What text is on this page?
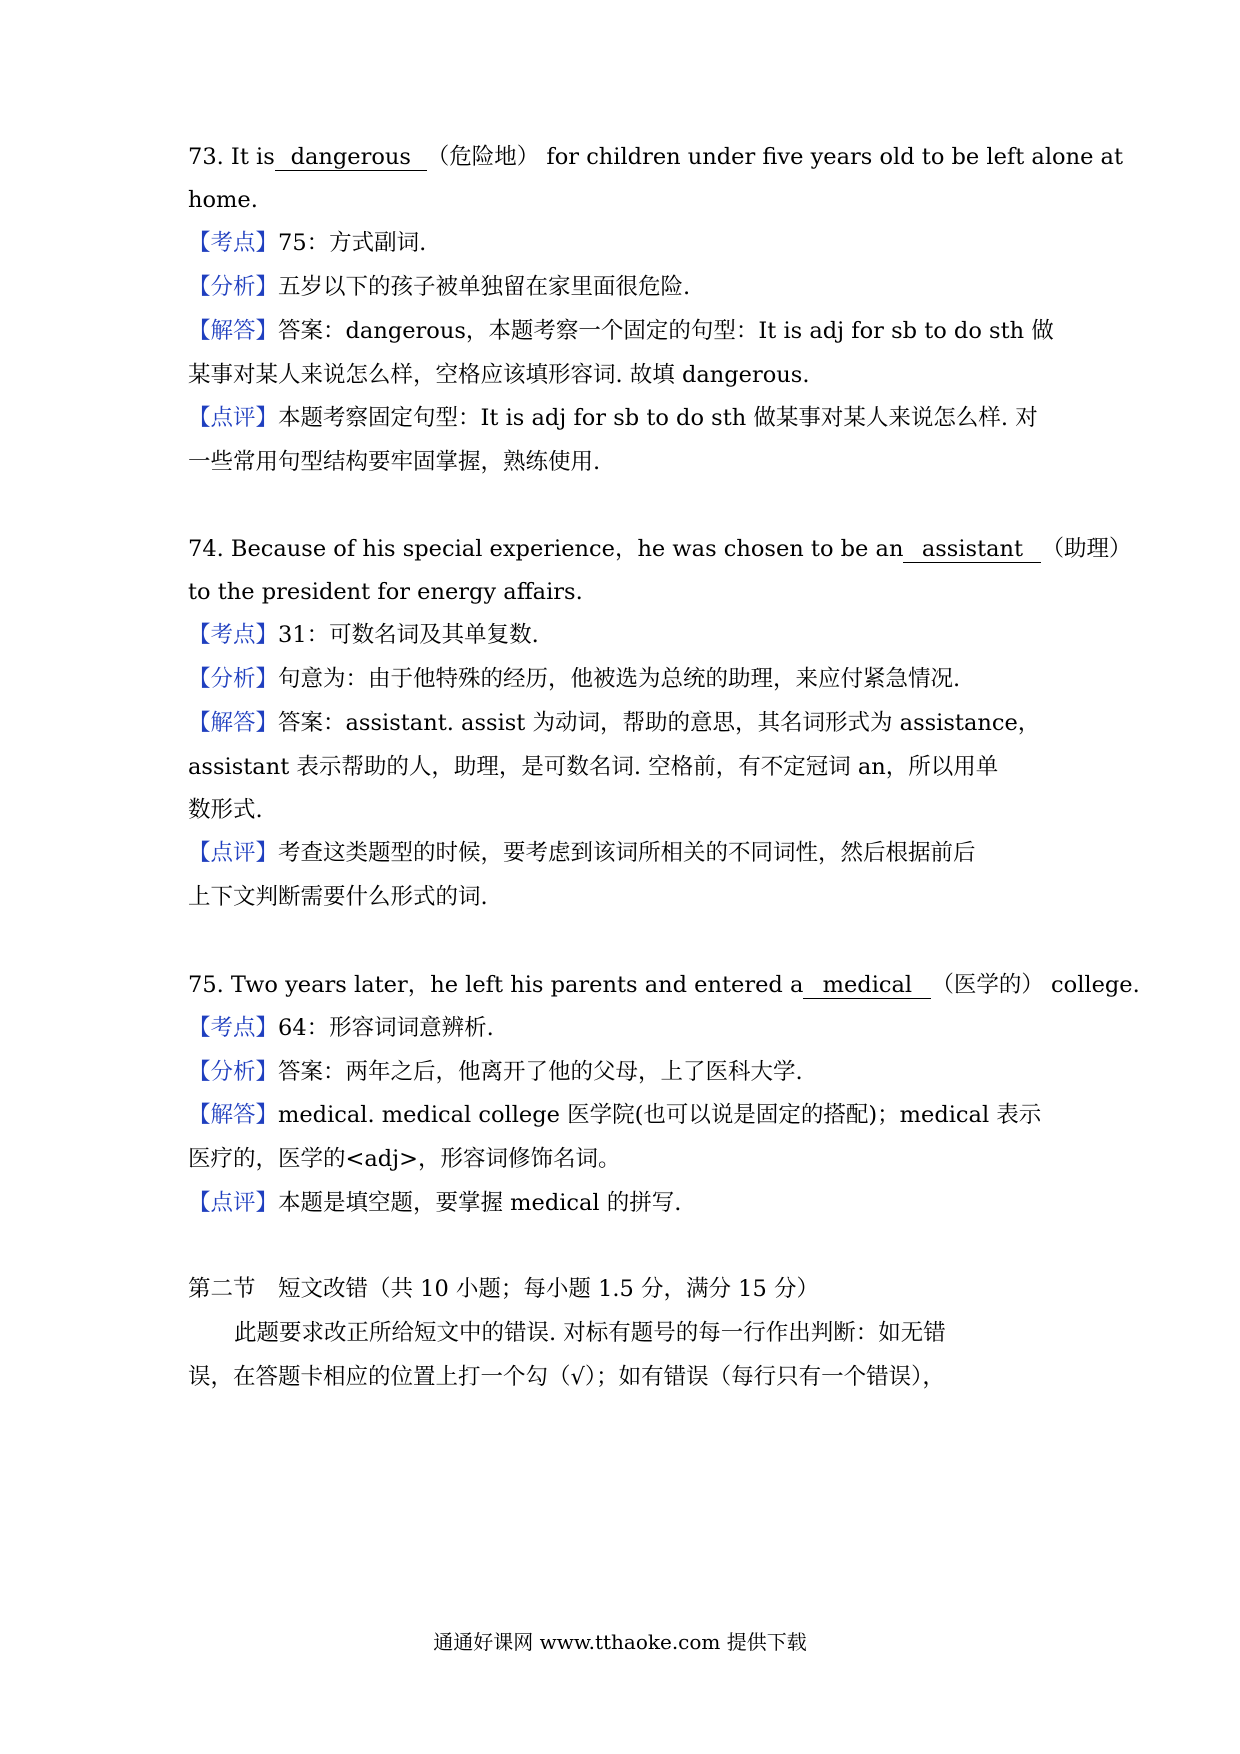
73. It is dangerous （危险地） for children under five years old to be left alone at
home.
【考点】75：方式副词.
【分析】五岁以下的孩子被单独留在家里面很危险.
【解答】答案：dangerous，本题考察一个固定的句型：It is adj for sb to do sth 做
某事对某人来说怎么样，空格应该填形容词. 故填 dangerous.
【点评】本题考察固定句型：It is adj for sb to do sth 做某事对某人来说怎么样. 对
一些常用句型结构要牢固掌握，熟练使用.
74. Because of his special experience，he was chosen to be an assistant （助理）
to the president for energy affairs.
【考点】31：可数名词及其单复数.
【分析】句意为：由于他特殊的经历，他被选为总统的助理，来应付紧急情况.
【解答】答案：assistant. assist 为动词，帮助的意思，其名词形式为 assistance，
assistant 表示帮助的人，助理，是可数名词. 空格前，有不定冠词 an，所以用单
数形式.
【点评】考查这类题型的时候，要考虑到该词所相关的不同词性，然后根据前后
上下文判断需要什么形式的词.
75. Two years later，he left his parents and entered a medical （医学的） college.
【考点】64：形容词词意辨析.
【分析】答案：两年之后，他离开了他的父母，上了医科大学.
【解答】medical. medical college 医学院(也可以说是固定的搭配)；medical 表示
医疗的，医学的<adj>，形容词修饰名词。
【点评】本题是填空题，要掌握 medical 的拼写.
第二节　短文改错（共 10 小题；每小题 1.5 分，满分 15 分）
此题要求改正所给短文中的错误. 对标有题号的每一行作出判断：如无错
误，在答题卡相应的位置上打一个勾（√）；如有错误（每行只有一个错误），
通通好课网 www.tthaoke.com 提供下载
